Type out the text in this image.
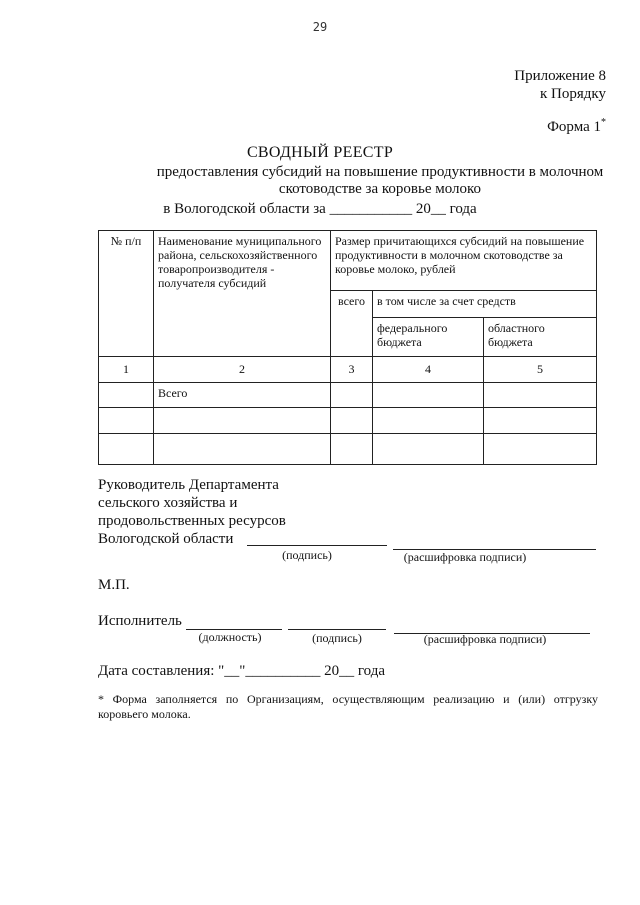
29
Приложение 8
к Порядку
Форма 1*
СВОДНЫЙ РЕЕСТР
предоставления субсидий на повышение продуктивности в молочном
скотоводстве за коровье молоко
в Вологодской области за ___________ 20__ года
№ п/п	Наименование муниципального района, сельскохозяйственного товаропроизводителя - получателя субсидий	Размер причитающихся субсидий на повышение продуктивности в молочном скотоводстве за коровье молоко, рублей		
		всего	в том числе за счет средств	
			федерального бюджета	областного бюджета
1	2	3	4	5
	Всего			

Руководитель Департамента
сельского хозяйства и
продовольственных ресурсов
Вологодской области
(подпись)	(расшифровка подписи)
М.П.
Исполнитель
(должность)	(подпись)	(расшифровка подписи)
Дата составления: "__"__________ 20__ года
* Форма заполняется по Организациям, осуществляющим реализацию и (или) отгрузку коровьего молока.
